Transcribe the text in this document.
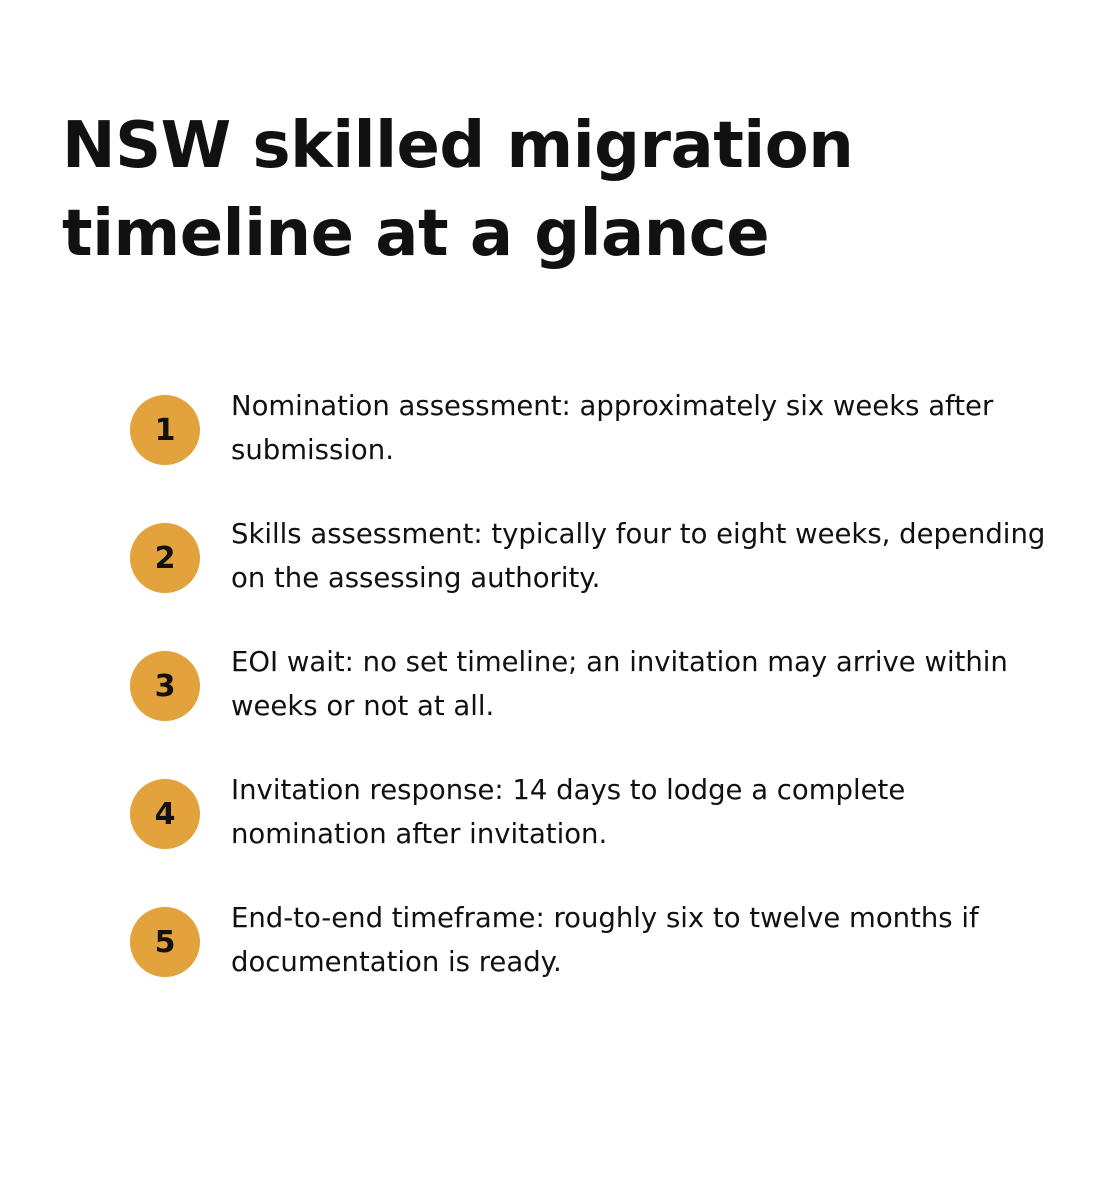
NSW skilled migration timeline at a glance
1
Nomination assessment: approximately six weeks after submission.
2
Skills assessment: typically four to eight weeks, depending on the assessing authority.
3
EOI wait: no set timeline; an invitation may arrive within weeks or not at all.
4
Invitation response: 14 days to lodge a complete nomination after invitation.
5
End-to-end timeframe: roughly six to twelve months if documentation is ready.
